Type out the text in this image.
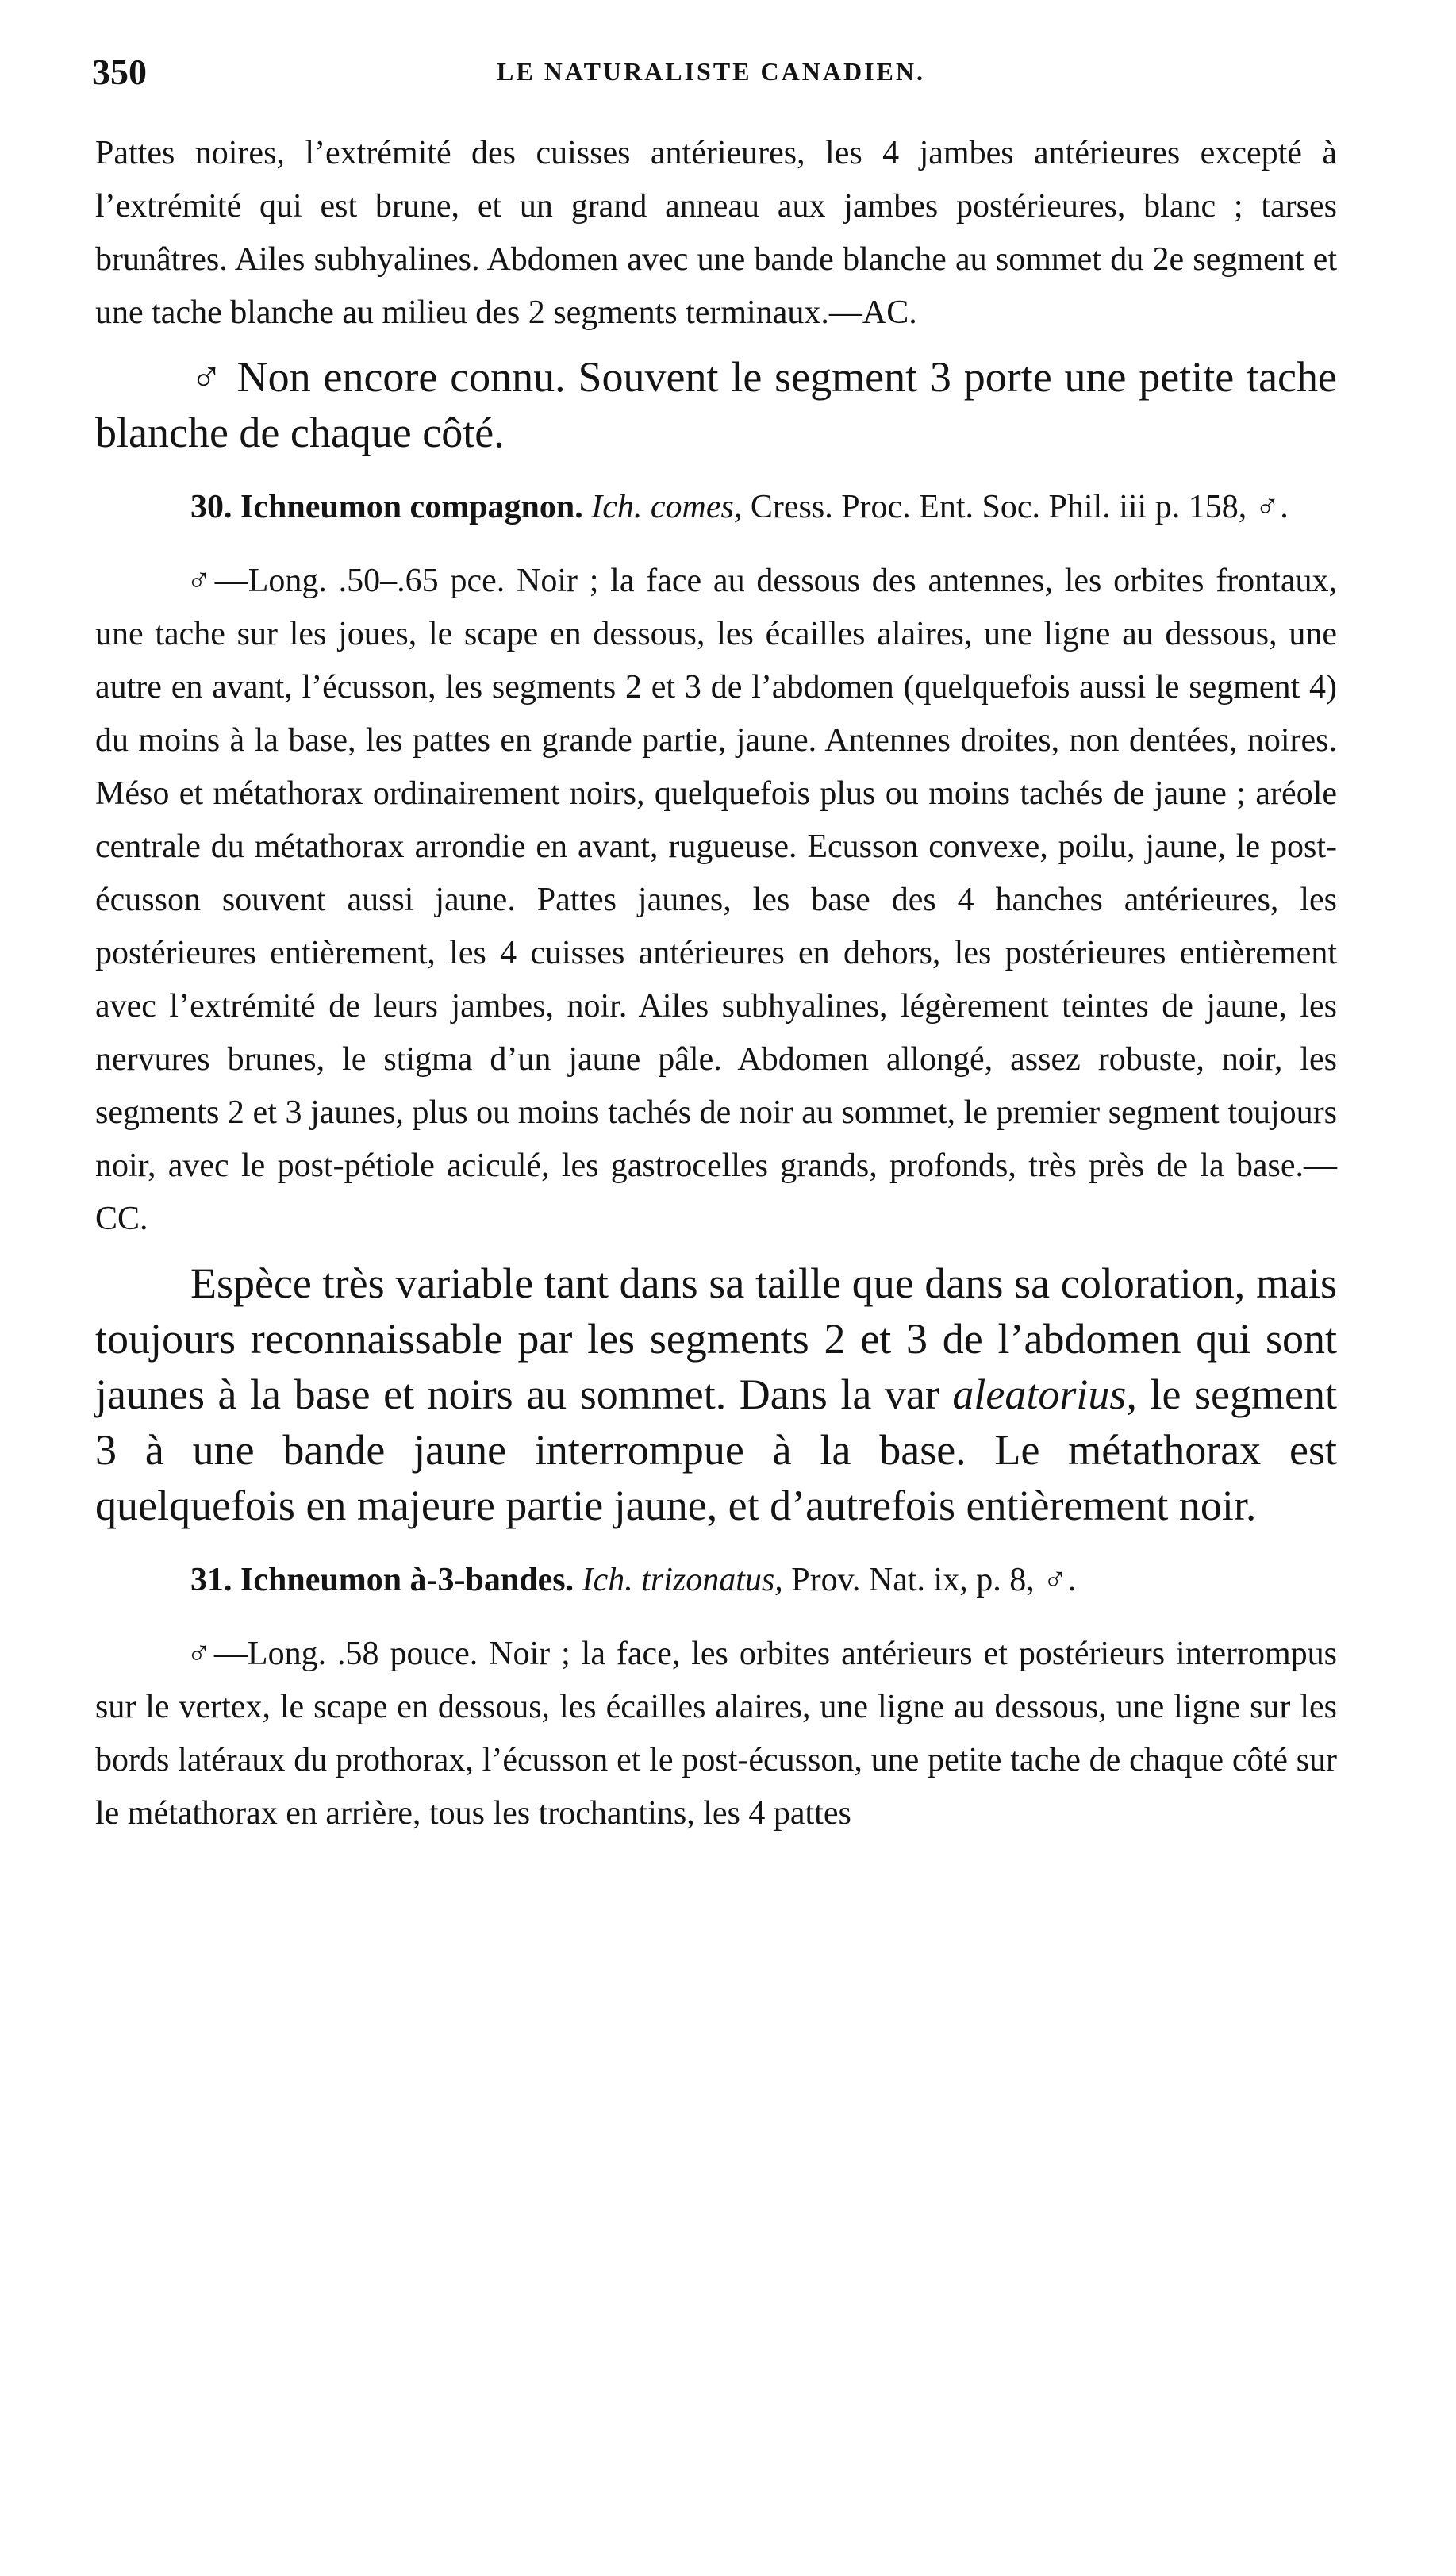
350	LE NATURALISTE CANADIEN.

Pattes noires, l’extrémité des cuisses antérieures, les 4 jambes antérieures excepté à l’extrémité qui est brune, et un grand anneau aux jambes postérieures, blanc ; tarses brunâtres. Ailes subhyalines. Abdomen avec une bande blanche au sommet du 2e segment et une tache blanche au milieu des 2 segments terminaux.—AC.

♂ Non encore connu. Souvent le segment 3 porte une petite tache blanche de chaque côté.

30. Ichneumon compagnon. Ich. comes, Cress. Proc. Ent. Soc. Phil. iii p. 158, ♂.

♂—Long. .50–.65 pce. Noir ; la face au dessous des antennes, les orbites frontaux, une tache sur les joues, le scape en dessous, les écailles alaires, une ligne au dessous, une autre en avant, l’écusson, les segments 2 et 3 de l’abdomen (quelquefois aussi le segment 4) du moins à la base, les pattes en grande partie, jaune. Antennes droites, non dentées, noires. Méso et métathorax ordinairement noirs, quelquefois plus ou moins tachés de jaune ; aréole centrale du métathorax arrondie en avant, rugueuse. Ecusson convexe, poilu, jaune, le post-écusson souvent aussi jaune. Pattes jaunes, les base des 4 hanches antérieures, les postérieures entièrement, les 4 cuisses antérieures en dehors, les postérieures entièrement avec l’extrémité de leurs jambes, noir. Ailes subhyalines, légèrement teintes de jaune, les nervures brunes, le stigma d’un jaune pâle. Abdomen allongé, assez robuste, noir, les segments 2 et 3 jaunes, plus ou moins tachés de noir au sommet, le premier segment toujours noir, avec le post-pétiole aciculé, les gastrocelles grands, profonds, très près de la base.—CC.

Espèce très variable tant dans sa taille que dans sa coloration, mais toujours reconnaissable par les segments 2 et 3 de l’abdomen qui sont jaunes à la base et noirs au sommet. Dans la var aleatorius, le segment 3 à une bande jaune interrompue à la base. Le métathorax est quelquefois en majeure partie jaune, et d’autrefois entièrement noir.

31. Ichneumon à-3-bandes. Ich. trizonatus, Prov. Nat. ix, p. 8, ♂.

♂—Long. .58 pouce. Noir ; la face, les orbites antérieurs et postérieurs interrompus sur le vertex, le scape en dessous, les écailles alaires, une ligne au dessous, une ligne sur les bords latéraux du prothorax, l’écusson et le post-écusson, une petite tache de chaque côté sur le métathorax en arrière, tous les trochantins, les 4 pattes
